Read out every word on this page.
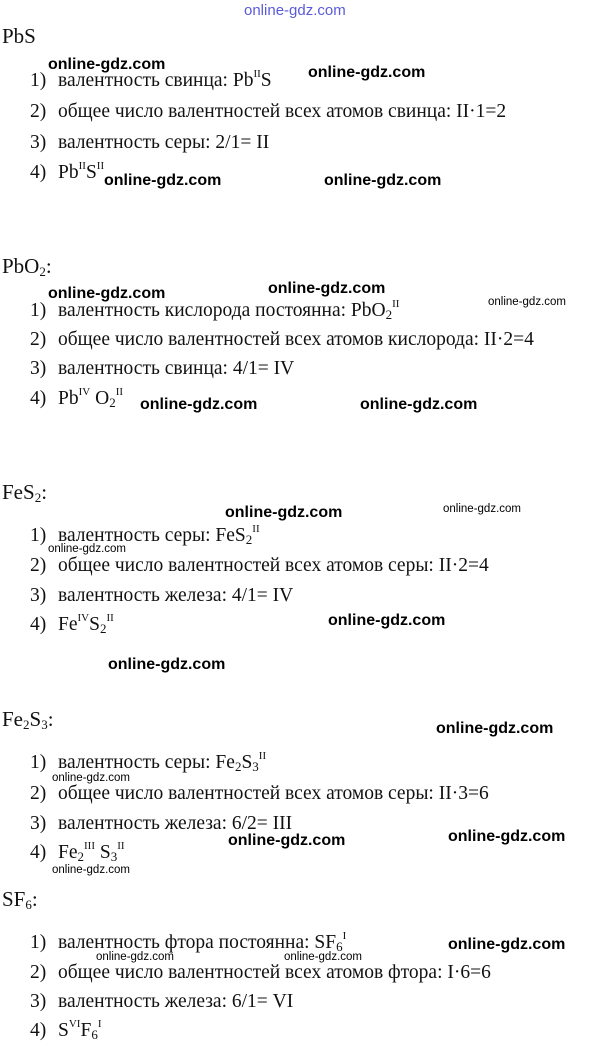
online-gdz.com
PbS
1) валентность свинца: $Pb^{II}S$
2) общее число валентностей всех атомов свинца: II·1=2
3) валентность серы: 2/1= II
4) $Pb^{II}S^{II}$
PbO$_2$:
1) валентность кислорода постоянна: PbO$_2^{II}$
2) общее число валентностей всех атомов кислорода: II·2=4
3) валентность свинца: 4/1= IV
4) $Pb^{IV}$ $O_2^{II}$
FeS$_2$:
1) валентность серы: FeS$_2^{II}$
2) общее число валентностей всех атомов серы: II·2=4
3) валентность железа: 4/1= IV
4) $Fe^{IV}S_2^{II}$
$Fe_2S_3$:
1) валентность серы: $Fe_2S_3^{II}$
2) общее число валентностей всех атомов серы: II·3=6
3) валентность железа: 6/2= III
4) $Fe_2^{III}$ $S_3^{II}$
$SF_6$:
1) валентность фтора постоянна: $SF_6^I$
2) общее число валентностей всех атомов фтора: I·6=6
3) валентность железа: 6/1= VI
4) $S^{VI}F_6^I$
online-gdz.com	online-gdz.com
online-gdz.com	online-gdz.com
online-gdz.com
online-gdz.com	online-gdz.com
online-gdz.com	online-gdz.com
online-gdz.com
online-gdz.com
online-gdz.com
online-gdz.com
online-gdz.com
online-gdz.com
online-gdz.com
online-gdz.com
online-gdz.com
online-gdz.com
online-gdz.com
online-gdz.com	online-gdz.com
